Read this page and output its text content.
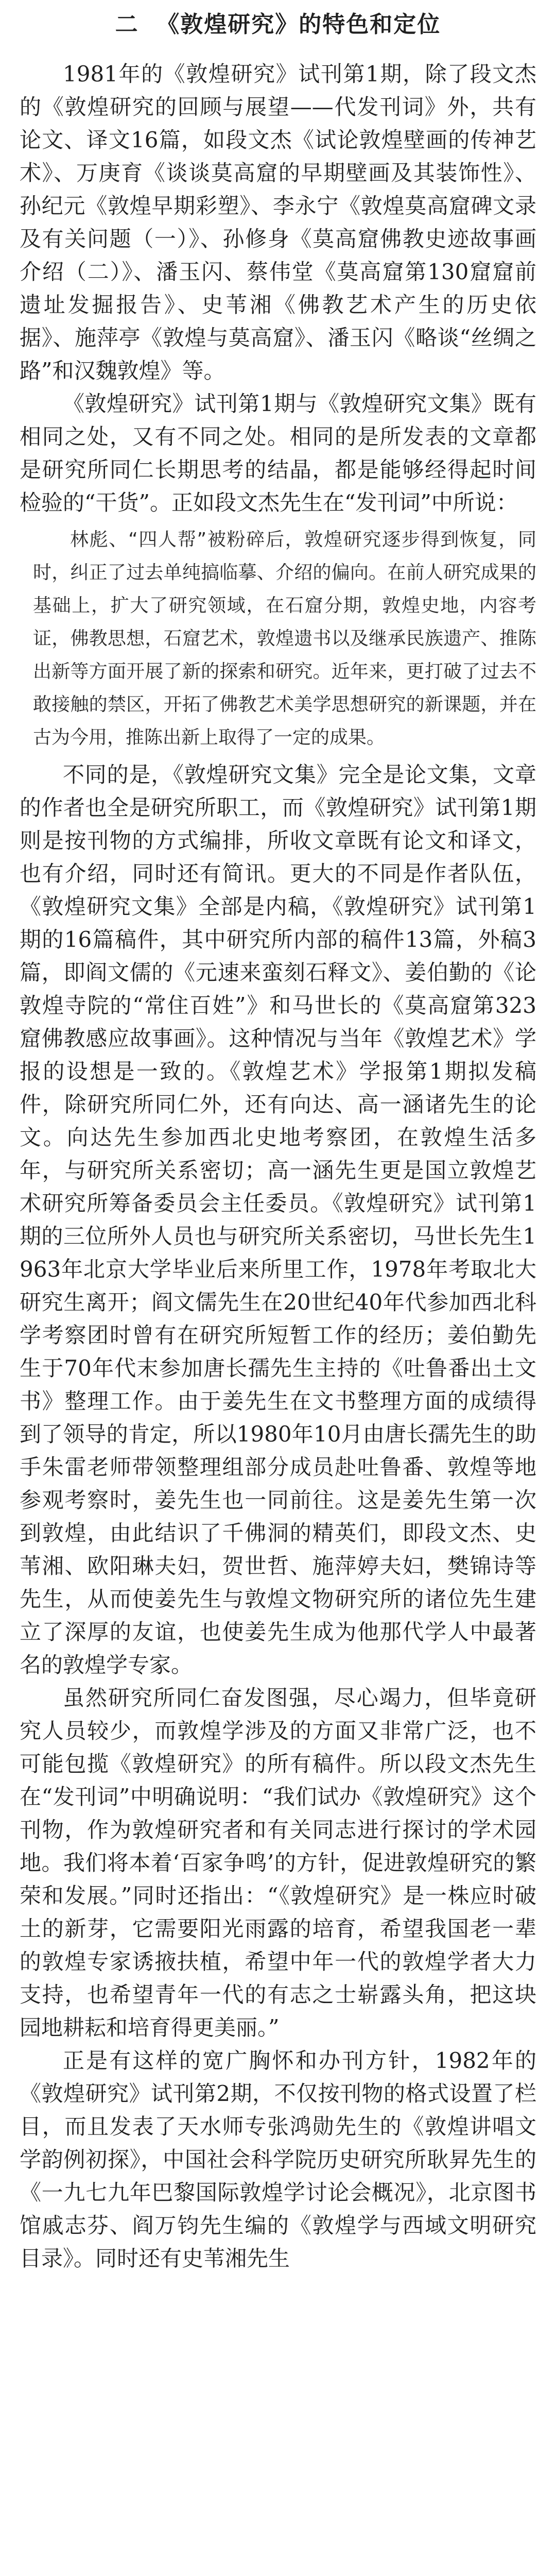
二  《敦煌研究》的特色和定位

1981年的《敦煌研究》试刊第1期，除了段文杰的《敦煌研究的回顾与展望——代发刊词》外，共有论文、译文16篇，如段文杰《试论敦煌壁画的传神艺术》、万庚育《谈谈莫高窟的早期壁画及其装饰性》、孙纪元《敦煌早期彩塑》、李永宁《敦煌莫高窟碑文录及有关问题（一）》、孙修身《莫高窟佛教史迹故事画介绍（二）》、潘玉闪、蔡伟堂《莫高窟第130窟窟前遗址发掘报告》、史苇湘《佛教艺术产生的历史依据》、施萍亭《敦煌与莫高窟》、潘玉闪《略谈“丝绸之路”和汉魏敦煌》等。

《敦煌研究》试刊第1期与《敦煌研究文集》既有相同之处，又有不同之处。相同的是所发表的文章都是研究所同仁长期思考的结晶，都是能够经得起时间检验的“干货”。正如段文杰先生在“发刊词”中所说：

林彪、“四人帮”被粉碎后，敦煌研究逐步得到恢复，同时，纠正了过去单纯搞临摹、介绍的偏向。在前人研究成果的基础上，扩大了研究领域，在石窟分期，敦煌史地，内容考证，佛教思想，石窟艺术，敦煌遗书以及继承民族遗产、推陈出新等方面开展了新的探索和研究。近年来，更打破了过去不敢接触的禁区，开拓了佛教艺术美学思想研究的新课题，并在古为今用，推陈出新上取得了一定的成果。

不同的是，《敦煌研究文集》完全是论文集，文章的作者也全是研究所职工，而《敦煌研究》试刊第1期则是按刊物的方式编排，所收文章既有论文和译文，也有介绍，同时还有简讯。更大的不同是作者队伍，《敦煌研究文集》全部是内稿，《敦煌研究》试刊第1期的16篇稿件，其中研究所内部的稿件13篇，外稿3篇，即阎文儒的《元速来蛮刻石释文》、姜伯勤的《论敦煌寺院的“常住百姓”》和马世长的《莫高窟第323窟佛教感应故事画》。这种情况与当年《敦煌艺术》学报的设想是一致的。《敦煌艺术》学报第1期拟发稿件，除研究所同仁外，还有向达、高一涵诸先生的论文。向达先生参加西北史地考察团，在敦煌生活多年，与研究所关系密切；高一涵先生更是国立敦煌艺术研究所筹备委员会主任委员。《敦煌研究》试刊第1期的三位所外人员也与研究所关系密切，马世长先生1963年北京大学毕业后来所里工作，1978年考取北大研究生离开；阎文儒先生在20世纪40年代参加西北科学考察团时曾有在研究所短暂工作的经历；姜伯勤先生于70年代末参加唐长孺先生主持的《吐鲁番出土文书》整理工作。由于姜先生在文书整理方面的成绩得到了领导的肯定，所以1980年10月由唐长孺先生的助手朱雷老师带领整理组部分成员赴吐鲁番、敦煌等地参观考察时，姜先生也一同前往。这是姜先生第一次到敦煌，由此结识了千佛洞的精英们，即段文杰、史苇湘、欧阳琳夫妇，贺世哲、施萍婷夫妇，樊锦诗等先生，从而使姜先生与敦煌文物研究所的诸位先生建立了深厚的友谊，也使姜先生成为他那代学人中最著名的敦煌学专家。

虽然研究所同仁奋发图强，尽心竭力，但毕竟研究人员较少，而敦煌学涉及的方面又非常广泛，也不可能包揽《敦煌研究》的所有稿件。所以段文杰先生在“发刊词”中明确说明：“我们试办《敦煌研究》这个刊物，作为敦煌研究者和有关同志进行探讨的学术园地。我们将本着‘百家争鸣’的方针，促进敦煌研究的繁荣和发展。”同时还指出：“《敦煌研究》是一株应时破土的新芽，它需要阳光雨露的培育，希望我国老一辈的敦煌专家诱掖扶植，希望中年一代的敦煌学者大力支持，也希望青年一代的有志之士崭露头角，把这块园地耕耘和培育得更美丽。”

正是有这样的宽广胸怀和办刊方针，1982年的《敦煌研究》试刊第2期，不仅按刊物的格式设置了栏目，而且发表了天水师专张鸿勋先生的《敦煌讲唱文学韵例初探》，中国社会科学院历史研究所耿昇先生的《一九七九年巴黎国际敦煌学讨论会概况》，北京图书馆戚志芬、阎万钧先生编的《敦煌学与西域文明研究目录》。同时还有史苇湘先生
